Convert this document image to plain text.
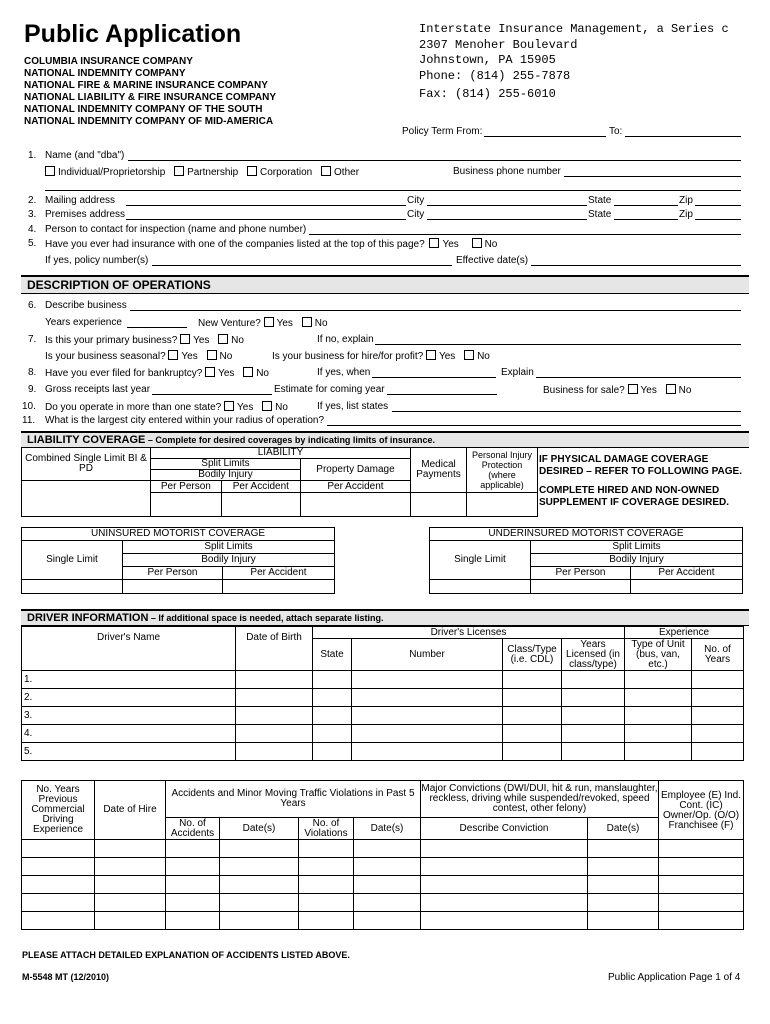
Public Application
COLUMBIA INSURANCE COMPANY
NATIONAL INDEMNITY COMPANY
NATIONAL FIRE & MARINE INSURANCE COMPANY
NATIONAL LIABILITY & FIRE INSURANCE COMPANY
NATIONAL INDEMNITY COMPANY OF THE SOUTH
NATIONAL INDEMNITY COMPANY OF MID-AMERICA
Interstate Insurance Management, a Series c
2307 Menoher Boulevard
Johnstown, PA 15905
Phone: (814) 255-7878
Fax: (814) 255-6010
Policy Term From:	To:
1. Name (and "dba")
Individual/Proprietorship Partnership Corporation Other	Business phone number
2. Mailing address	City	State	Zip
3. Premises address	City	State	Zip
4. Person to contact for inspection (name and phone number)
5. Have you ever had insurance with one of the companies listed at the top of this page? Yes	No
If yes, policy number(s)	Effective date(s)
DESCRIPTION OF OPERATIONS
6. Describe business
Years experience	New Venture? Yes No
7. Is this your primary business? Yes No	If no, explain
Is your business seasonal? Yes No	Is your business for hire/for profit? Yes No
8. Have you ever filed for bankruptcy? Yes No	If yes, when	Explain
9. Gross receipts last year	Estimate for coming year	Business for sale? Yes No
10. Do you operate in more than one state? Yes No	If yes, list states
11. What is the largest city entered within your radius of operation?
LIABILITY COVERAGE – Complete for desired coverages by indicating limits of insurance.
Combined Single Limit BI & PD	LIABILITY			Medical Payments	Personal Injury Protection (where applicable)
	Split Limits		Property Damage		
	Bodily Injury				
	Per Person	Per Accident	Per Accident		

IF PHYSICAL DAMAGE COVERAGE DESIRED – REFER TO FOLLOWING PAGE.
COMPLETE HIRED AND NON-OWNED SUPPLEMENT IF COVERAGE DESIRED.
UNINSURED MOTORIST COVERAGE		
Single Limit	Split Limits	
	Bodily Injury	
	Per Person	Per Accident

UNDERINSURED MOTORIST COVERAGE		
Single Limit	Split Limits	
	Bodily Injury	
	Per Person	Per Accident

DRIVER INFORMATION – If additional space is needed, attach separate listing.
Driver's Name	Date of Birth	Driver's Licenses				Experience	
		State	Number	Class/Type (i.e. CDL)	Years Licensed (in class/type)	Type of Unit (bus, van, etc.)	No. of Years
1.							
2.							
3.							
4.							
5.							
No. Years Previous Commercial Driving Experience	Date of Hire	Accidents and Minor Moving Traffic Violations in Past 5 Years				Major Convictions (DWI/DUI, hit & run, manslaughter, reckless, driving while suspended/revoked, speed contest, other felony)		Employee (E) Ind. Cont. (IC) Owner/Op. (O/O) Franchisee (F)
		No. of Accidents	Date(s)	No. of Violations	Date(s)	Describe Conviction	Date(s)	

PLEASE ATTACH DETAILED EXPLANATION OF ACCIDENTS LISTED ABOVE.
M-5548 MT (12/2010)	Public Application Page 1 of 4
